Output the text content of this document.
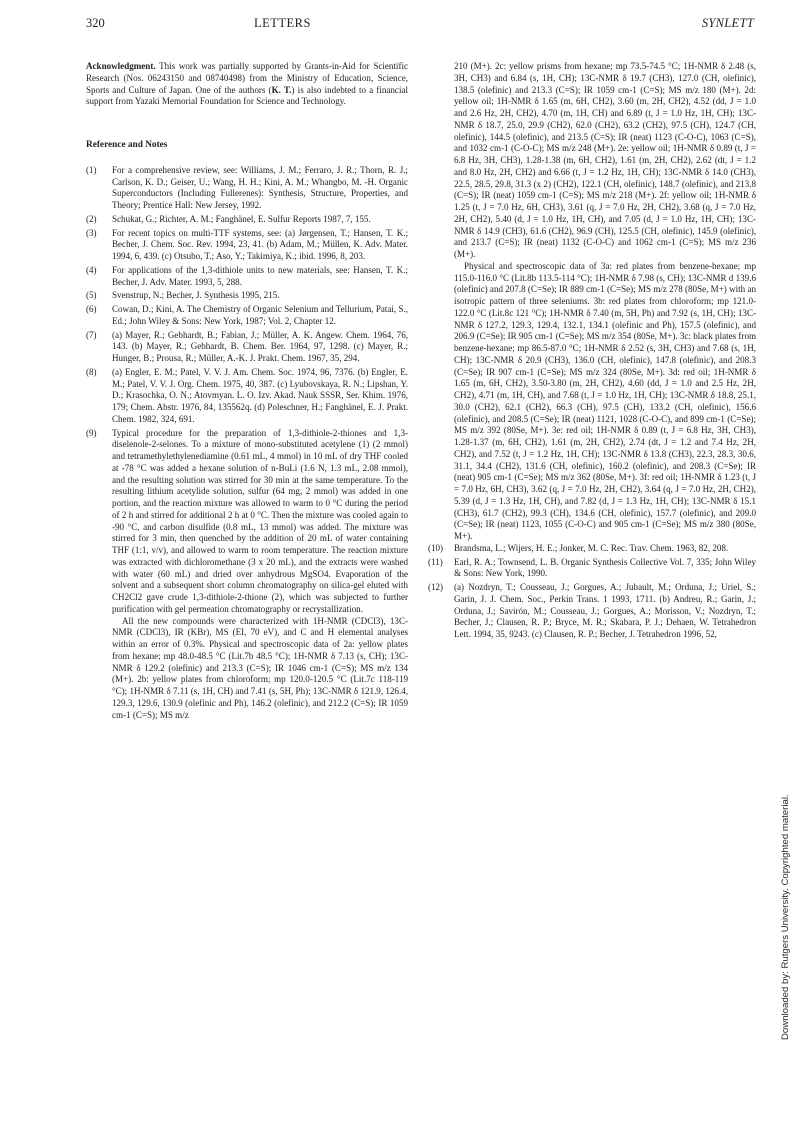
320	LETTERS	SYNLETT

Acknowledgment. This work was partially supported by Grants-in-Aid for Scientific Research (Nos. 06243150 and 08740498) from the Ministry of Education, Science, Sports and Culture of Japan. One of the authors (K. T.) is also indebted to a financial support from Yazaki Memorial Foundation for Science and Technology.

Reference and Notes

(1)	For a comprehensive review, see: Williams, J. M.; Ferraro, J. R.; Thorn, R. J.; Carlson, K. D.; Geiser, U.; Wang, H. H.; Kini, A. M.; Whangbo, M. -H. Organic Superconductors (Including Fullerenes): Synthesis, Structure, Properties, and Theory; Prentice Hall: New Jersey, 1992.
(2)	Schukat, G.; Richter, A. M.; Fanghänel, E. Sulfur Reports 1987, 7, 155.
(3)	For recent topics on multi-TTF systems, see: (a) Jørgensen, T.; Hansen, T. K.; Becher, J. Chem. Soc. Rev. 1994, 23, 41. (b) Adam, M.; Müllen, K. Adv. Mater. 1994, 6, 439. (c) Otsubo, T.; Aso, Y.; Takimiya, K.; ibid. 1996, 8, 203.
(4)	For applications of the 1,3-dithiole units to new materials, see: Hansen, T. K.; Becher, J. Adv. Mater. 1993, 5, 288.
(5)	Svenstrup, N.; Becher, J. Synthesis 1995, 215.
(6)	Cowan, D.; Kini, A. The Chemistry of Organic Selenium and Tellurium, Patai, S., Ed.; John Wiley & Sons: New York, 1987; Vol. 2, Chapter 12.
(7)	(a) Mayer, R.; Gebhardt, B.; Fabian, J.; Müller, A. K. Angew. Chem. 1964, 76, 143. (b) Mayer, R.; Gebhardt, B. Chem. Ber. 1964, 97, 1298. (c) Mayer, R.; Hunger, B.; Prousa, R.; Müller, A.-K. J. Prakt. Chem. 1967, 35, 294.
(8)	(a) Engler, E. M.; Patel, V. V. J. Am. Chem. Soc. 1974, 96, 7376. (b) Engler, E. M.; Patel, V. V. J. Org. Chem. 1975, 40, 387. (c) Lyubovskaya, R. N.; Lipshan, Y. D.; Krasochka, O. N.; Atovmyan. L. O. Izv. Akad. Nauk SSSR, Ser. Khim. 1976, 179; Chem. Abstr. 1976, 84, 135562q. (d) Poleschner, H.; Fanghänel, E. J. Prakt. Chem. 1982, 324, 691.
(9)	Typical procedure for the preparation of 1,3-dithiole-2-thiones and 1,3-diselenole-2-selones. To a mixture of mono-substituted acetylene (1) (2 mmol) and tetramethylethylenediamine (0.61 mL, 4 mmol) in 10 mL of dry THF cooled at -78 °C was added a hexane solution of n-BuLi (1.6 N, 1.3 mL, 2.08 mmol), and the resulting solution was stirred for 30 min at the same temperature. To the resulting lithium acetylide solution, sulfur (64 mg, 2 mmol) was added in one portion, and the reaction mixture was allowed to warm to 0 °C during the period of 2 h and stirred for additional 2 h at 0 °C. Then the mixture was cooled again to -90 °C, and carbon disulfide (0.8 mL, 13 mmol) was added. The mixture was stirred for 3 min, then quenched by the addition of 20 mL of water containing THF (1:1, v/v), and allowed to warm to room temperature. The reaction mixture was extracted with dichloromethane (3 x 20 mL), and the extracts were washed with water (60 mL) and dried over anhydrous MgSO4. Evaporation of the solvent and a subsequent short column chromatography on silica-gel eluted with CH2Cl2 gave crude 1,3-dithiole-2-thione (2), which was subjected to further purification with gel permeation chromatography or recrystallization.

All the new compounds were characterized with 1H-NMR (CDCl3), 13C-NMR (CDCl3), IR (KBr), MS (EI, 70 eV), and C and H elemental analyses within an error of 0.3%. Physical and spectroscopic data of 2a: yellow plates from hexane; mp 48.0-48.5 °C (Lit.7b 48.5 °C); 1H-NMR δ 7.13 (s, CH); 13C-NMR δ 129.2 (olefinic) and 213.3 (C=S); IR 1046 cm-1 (C=S); MS m/z 134 (M+). 2b: yellow plates from chloroform; mp 120.0-120.5 °C (Lit.7c 118-119 °C); 1H-NMR δ 7.11 (s, 1H, CH) and 7.41 (s, 5H, Ph); 13C-NMR δ 121.9, 126.4, 129.3, 129.6, 130.9 (olefinic and Ph), 146.2 (olefinic), and 212.2 (C=S); IR 1059 cm-1 (C=S); MS m/z

210 (M+). 2c: yellow prisms from hexane; mp 73.5-74.5 °C; 1H-NMR δ 2.48 (s, 3H, CH3) and 6.84 (s, 1H, CH); 13C-NMR δ 19.7 (CH3), 127.0 (CH, olefinic), 138.5 (olefinic) and 213.3 (C=S); IR 1059 cm-1 (C=S); MS m/z 180 (M+). 2d: yellow oil; 1H-NMR δ 1.65 (m, 6H, CH2), 3.60 (m, 2H, CH2), 4.52 (dd, J = 1.0 and 2.6 Hz, 2H, CH2), 4.70 (m, 1H, CH) and 6.89 (t, J = 1.0 Hz, 1H, CH); 13C-NMR δ 18.7, 25.0, 29.9 (CH2), 62.0 (CH2), 63.2 (CH2), 97.5 (CH), 124.7 (CH, olefinic), 144.5 (olefinic), and 213.5 (C=S); IR (neat) 1123 (C-O-C), 1063 (C=S), and 1032 cm-1 (C-O-C); MS m/z 248 (M+). 2e: yellow oil; 1H-NMR δ 0.89 (t, J = 6.8 Hz, 3H, CH3), 1.28-1.38 (m, 6H, CH2), 1.61 (m, 2H, CH2), 2.62 (dt, J = 1.2 and 8.0 Hz, 2H, CH2) and 6.66 (t, J = 1.2 Hz, 1H, CH); 13C-NMR δ 14.0 (CH3), 22.5, 28.5, 29.8, 31.3 (x 2) (CH2), 122.1 (CH, olefinic), 148.7 (olefinic), and 213.8 (C=S); IR (neat) 1059 cm-1 (C=S); MS m/z 218 (M+). 2f: yellow oil; 1H-NMR δ 1.25 (t, J = 7.0 Hz, 6H, CH3), 3.61 (q, J = 7.0 Hz, 2H, CH2), 3.68 (q, J = 7.0 Hz, 2H, CH2), 5.40 (d, J = 1.0 Hz, 1H, CH), and 7.05 (d, J = 1.0 Hz, 1H, CH); 13C-NMR δ 14.9 (CH3), 61.6 (CH2), 96.9 (CH), 125.5 (CH, olefinic), 145.9 (olefinic), and 213.7 (C=S); IR (neat) 1132 (C-O-C) and 1062 cm-1 (C=S); MS m/z 236 (M+).

Physical and spectroscopic data of 3a: red plates from benzene-hexane; mp 115.0-116.0 °C (Lit.8b 113.5-114 °C); 1H-NMR δ 7.98 (s, CH); 13C-NMR d 139.6 (olefinic) and 207.8 (C=Se); IR 889 cm-1 (C=Se); MS m/z 278 (80Se, M+) with an isotropic pattern of three seleniums. 3b: red plates from chloroform; mp 121.0-122.0 °C (Lit.8c 121 °C); 1H-NMR δ 7.40 (m, 5H, Ph) and 7.92 (s, 1H, CH); 13C-NMR δ 127.2, 129.3, 129.4, 132.1, 134.1 (olefinic and Ph), 157.5 (olefinic), and 206.9 (C=Se); IR 905 cm-1 (C=Se); MS m/z 354 (80Se, M+). 3c: black plates from benzene-hexane; mp 86.5-87.0 °C; 1H-NMR δ 2.52 (s, 3H, CH3) and 7.68 (s, 1H, CH); 13C-NMR δ 20.9 (CH3), 136.0 (CH, olefinic), 147.8 (olefinic), and 208.3 (C=Se); IR 907 cm-1 (C=Se); MS m/z 324 (80Se, M+). 3d: red oil; 1H-NMR δ 1.65 (m, 6H, CH2), 3.50-3.80 (m, 2H, CH2), 4.60 (dd, J = 1.0 and 2.5 Hz, 2H, CH2), 4.71 (m, 1H, CH), and 7.68 (t, J = 1.0 Hz, 1H, CH); 13C-NMR δ 18.8, 25.1, 30.0 (CH2), 62.1 (CH2), 66.3 (CH), 97.5 (CH), 133.2 (CH, olefinic), 156.6 (olefinic), and 208.5 (C=Se); IR (neat) 1121, 1028 (C-O-C), and 899 cm-1 (C=Se); MS m/z 392 (80Se, M+). 3e: red oil; 1H-NMR δ 0.89 (t, J = 6.8 Hz, 3H, CH3), 1.28-1.37 (m, 6H, CH2), 1.61 (m, 2H, CH2), 2.74 (dt, J = 1.2 and 7.4 Hz, 2H, CH2), and 7.52 (t, J = 1.2 Hz, 1H, CH); 13C-NMR δ 13.8 (CH3), 22.3, 28.3, 30.6, 31.1, 34.4 (CH2), 131.6 (CH, olefinic), 160.2 (olefinic), and 208.3 (C=Se); IR (neat) 905 cm-1 (C=Se); MS m/z 362 (80Se, M+). 3f: red oil; 1H-NMR δ 1.23 (t, J = 7.0 Hz, 6H, CH3), 3.62 (q, J = 7.0 Hz, 2H, CH2), 3.64 (q, J = 7.0 Hz, 2H, CH2), 5.39 (d, J = 1.3 Hz, 1H, CH), and 7.82 (d, J = 1.3 Hz, 1H, CH); 13C-NMR δ 15.1 (CH3), 61.7 (CH2), 99.3 (CH), 134.6 (CH, olefinic), 157.7 (olefinic), and 209.0 (C=Se); IR (neat) 1123, 1055 (C-O-C) and 905 cm-1 (C=Se); MS m/z 380 (80Se, M+).

(10)	Brandsma, L.; Wijers, H. E.; Jonker, M. C. Rec. Trav. Chem. 1963, 82, 208.
(11)	Earl, R. A.; Townsend, L. B. Organic Synthesis Collective Vol. 7, 335; John Wiley & Sons: New York, 1990.
(12)	(a) Nozdryn, T.; Cousseau, J.; Gorgues, A.; Jubault, M.; Orduna, J.; Uriel, S.; Garin, J. J. Chem. Soc., Perkin Trans. 1 1993, 1711. (b) Andreu, R.; Garin, J.; Orduna, J.; Savirón, M.; Cousseau, J.; Gorgues, A.; Morisson, V.; Nozdryn, T.; Becher, J.; Clausen, R. P.; Bryce, M. R.; Skabara, P. J.; Dehaen, W. Tetrahedron Lett. 1994, 35, 9243. (c) Clausen, R. P.; Becher, J. Tetrahedron 1996, 52,
Downloaded by: Rutgers University. Copyrighted material.
